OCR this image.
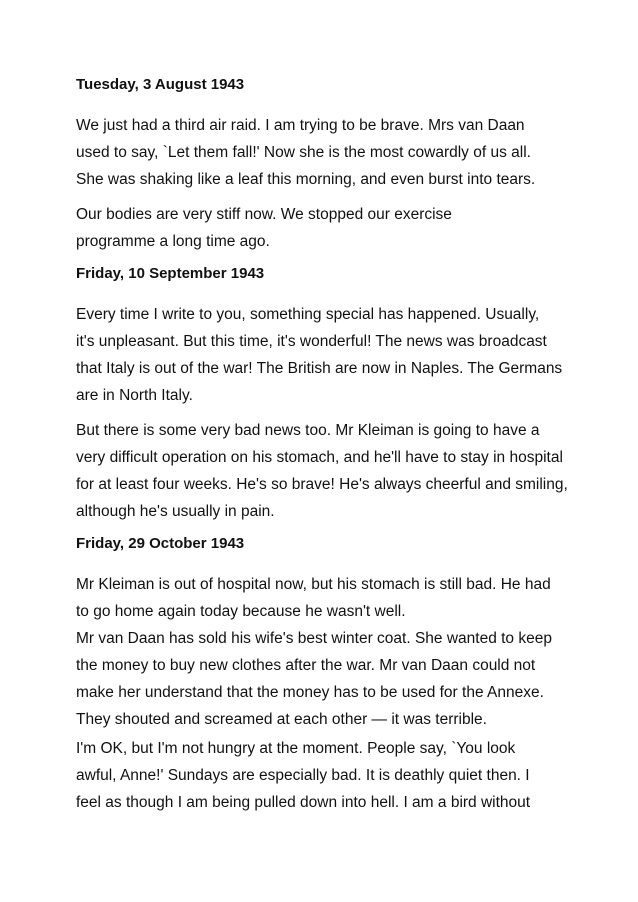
Tuesday, 3 August 1943

We just had a third air raid. I am trying to be brave. Mrs van Daan
used to say, `Let them fall!' Now she is the most cowardly of us all.
She was shaking like a leaf this morning, and even burst into tears.

Our bodies are very stiff now. We stopped our exercise
programme a long time ago.

Friday, 10 September 1943

Every time I write to you, something special has happened. Usually,
it's unpleasant. But this time, it's wonderful! The news was broadcast
that Italy is out of the war! The British are now in Naples. The Germans
are in North Italy.

But there is some very bad news too. Mr Kleiman is going to have a
very difficult operation on his stomach, and he'll have to stay in hospital
for at least four weeks. He's so brave! He's always cheerful and smiling,
although he's usually in pain.

Friday, 29 October 1943

Mr Kleiman is out of hospital now, but his stomach is still bad. He had
to go home again today because he wasn't well.

Mr van Daan has sold his wife's best winter coat. She wanted to keep
the money to buy new clothes after the war. Mr van Daan could not
make her understand that the money has to be used for the Annexe.
They shouted and screamed at each other — it was terrible.

I'm OK, but I'm not hungry at the moment. People say, `You look
awful, Anne!' Sundays are especially bad. It is deathly quiet then. I
feel as though I am being pulled down into hell. I am a bird without
